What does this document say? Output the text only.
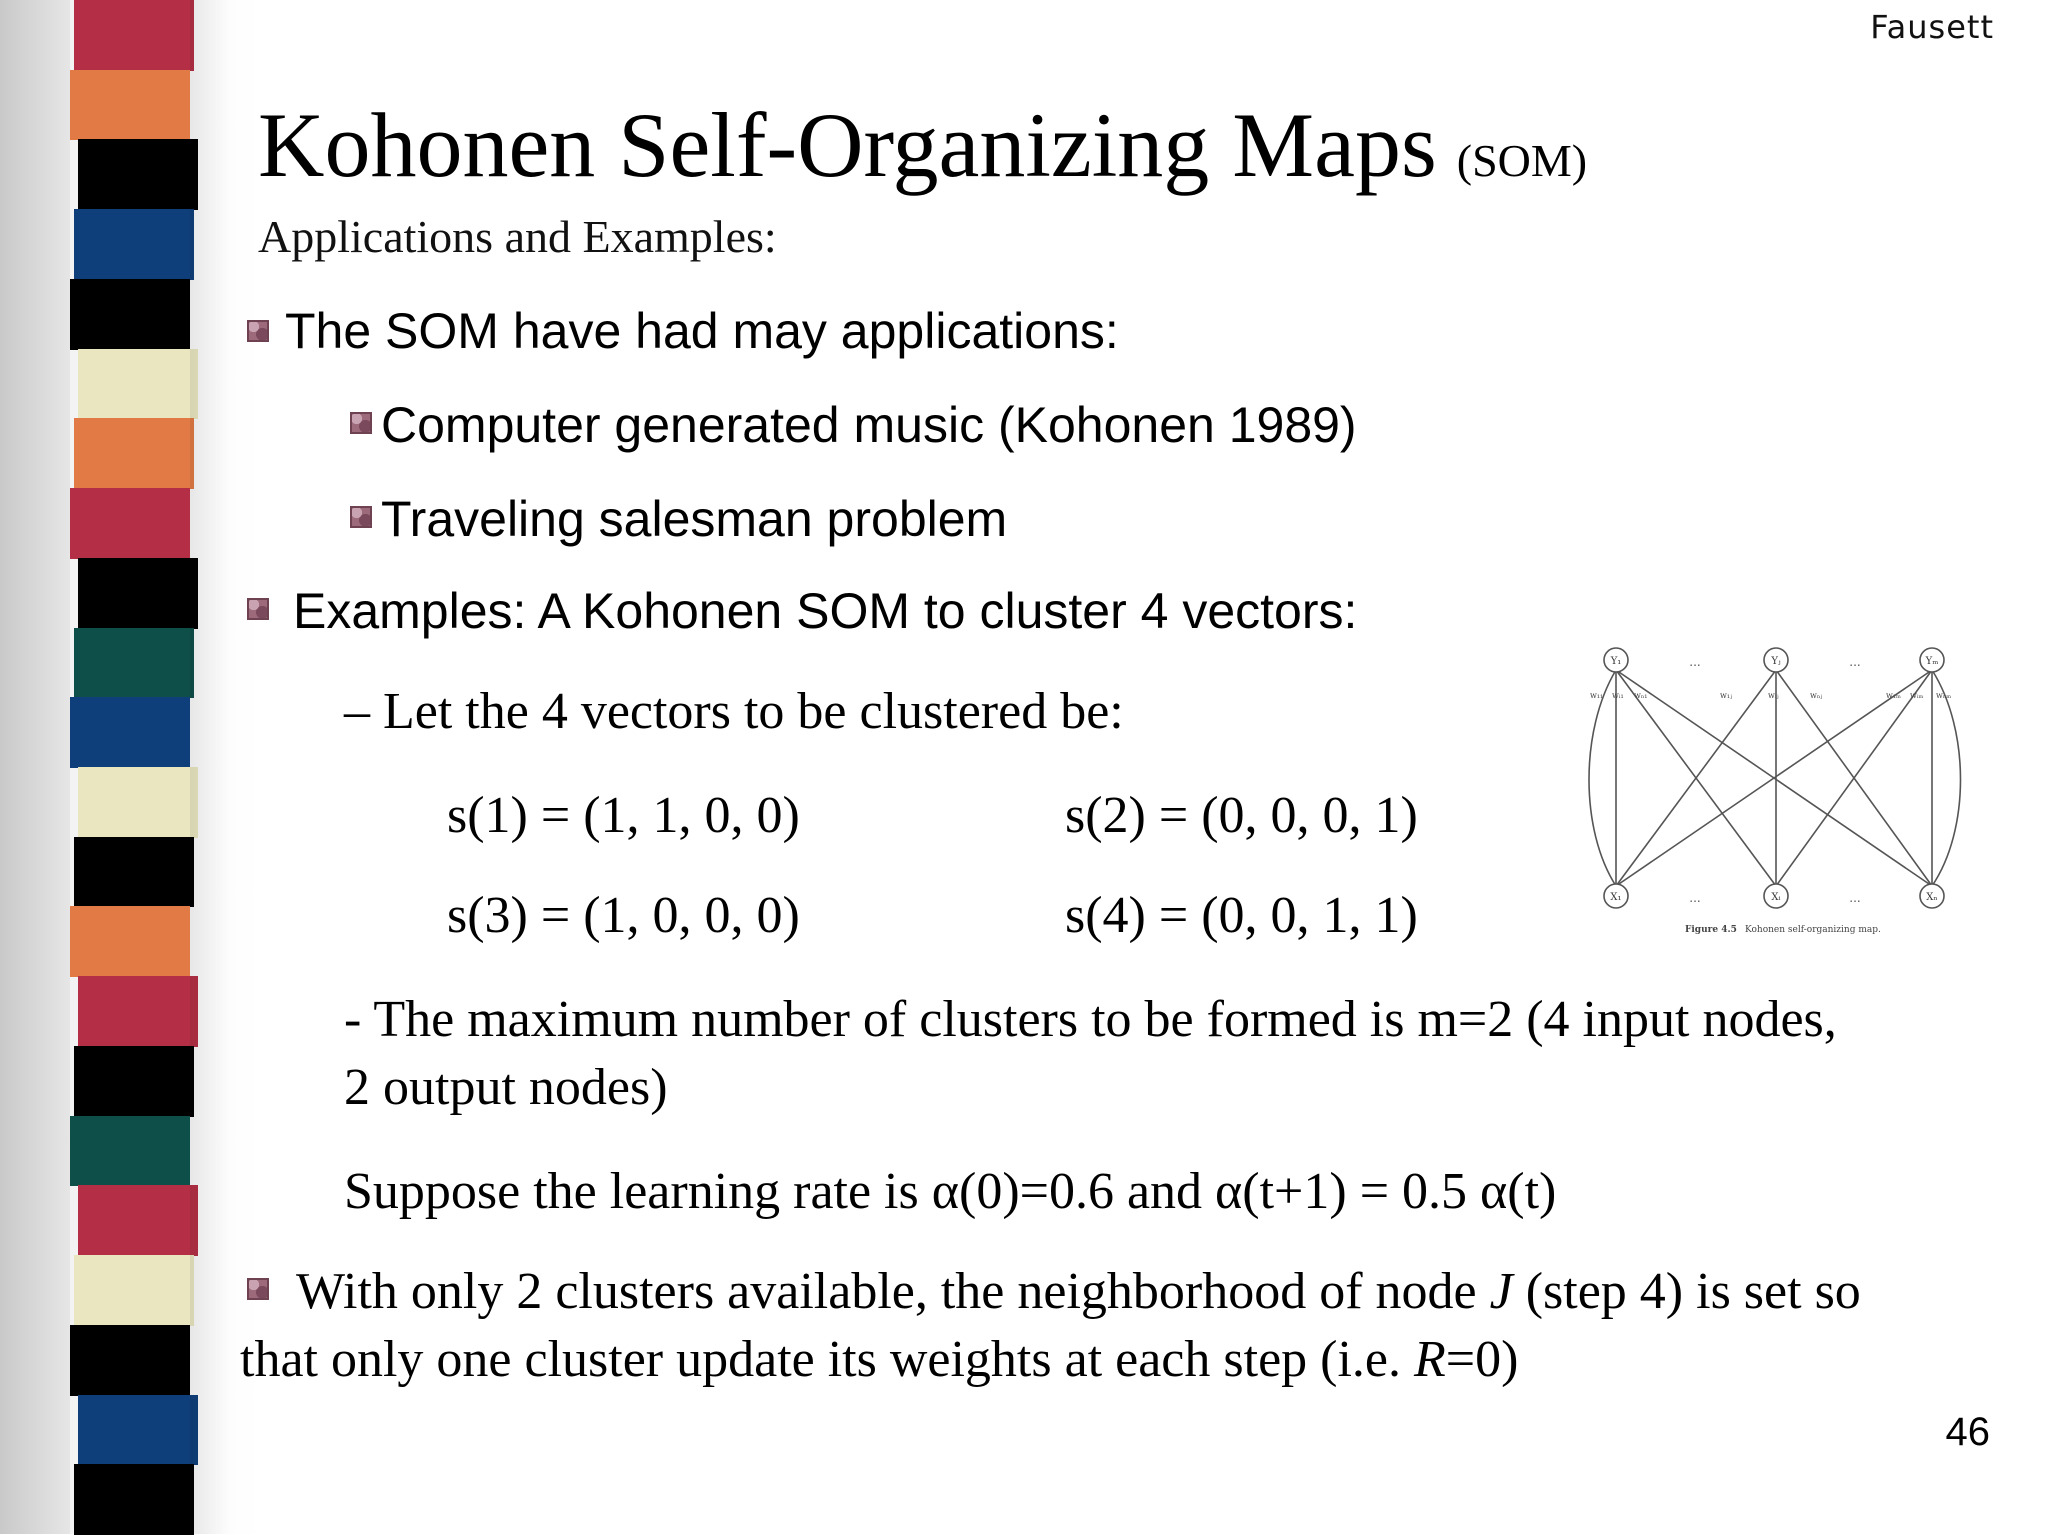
Fausett
Kohonen Self-Organizing Maps (SOM)
Applications and Examples:
The SOM have had may applications:
Computer generated music (Kohonen 1989)
Traveling salesman problem
Examples: A Kohonen SOM to cluster 4 vectors:
– Let the 4 vectors to be clustered be:
s(1) = (1, 1, 0, 0)	s(2) = (0, 0, 0, 1)
s(3) = (1, 0, 0, 0)	s(4) = (0, 0, 1, 1)
- The maximum number of clusters to be formed is m=2 (4 input nodes,
2 output nodes)
Suppose the learning rate is α(0)=0.6 and α(t+1) = 0.5 α(t)
With only 2 clusters available, the neighborhood of node J (step 4) is set so
that only one cluster update its weights at each step (i.e. R=0)
Y₁	...	Yⱼ	...	Yₘ
w₁₁ wᵢ₁ wₙ₁	w₁ⱼ	wᵢⱼ	wₙⱼ	w₁ₘ wᵢₘ wₙₘ
X₁	...	Xᵢ	...	Xₙ
Figure 4.5 Kohonen self-organizing map.
46
